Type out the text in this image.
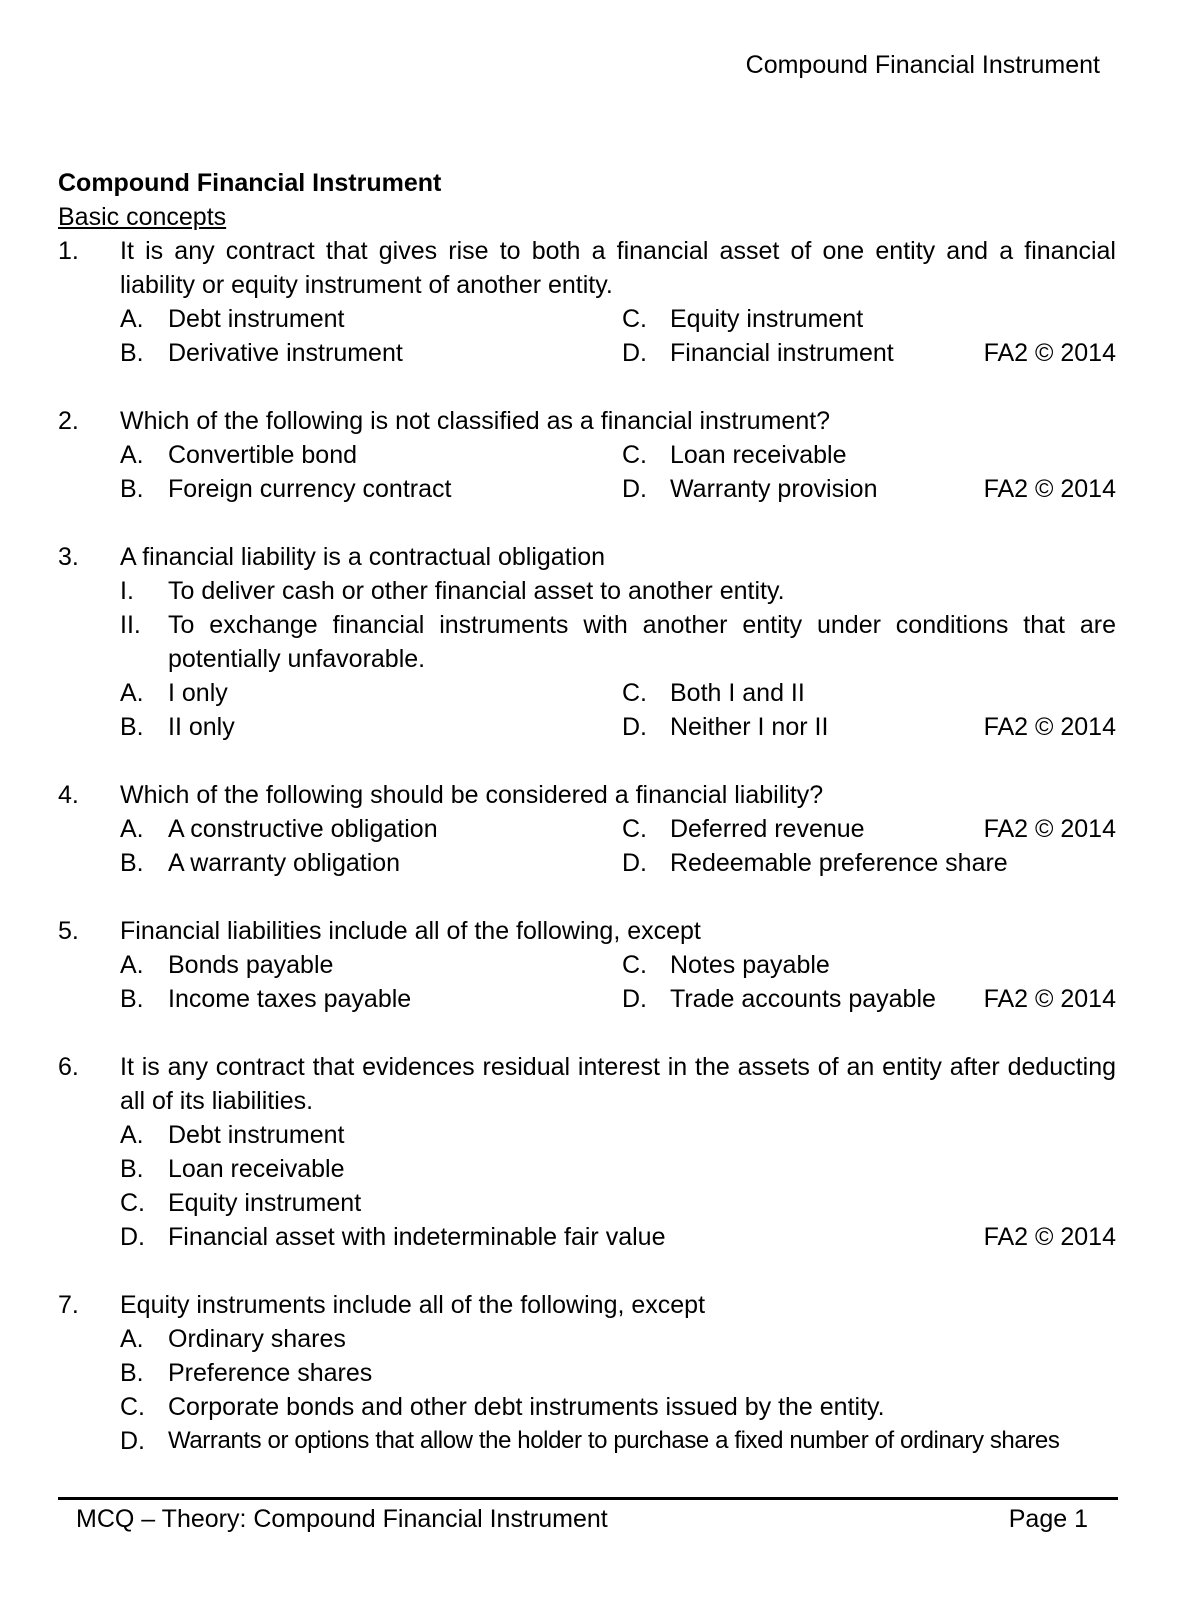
Compound Financial Instrument
Compound Financial Instrument
Basic concepts
1.	It is any contract that gives rise to both a financial asset of one entity and a financial liability or equity instrument of another entity.
A. Debt instrument	C. Equity instrument
B. Derivative instrument	D. Financial instrument	FA2 © 2014
2.	Which of the following is not classified as a financial instrument?
A. Convertible bond	C. Loan receivable
B. Foreign currency contract	D. Warranty provision	FA2 © 2014
3.	A financial liability is a contractual obligation
I.	To deliver cash or other financial asset to another entity.
II.	To exchange financial instruments with another entity under conditions that are potentially unfavorable.
A. I only	C. Both I and II
B. II only	D. Neither I nor II	FA2 © 2014
4.	Which of the following should be considered a financial liability?
A. A constructive obligation	C. Deferred revenue	FA2 © 2014
B. A warranty obligation	D. Redeemable preference share
5.	Financial liabilities include all of the following, except
A. Bonds payable	C. Notes payable
B. Income taxes payable	D. Trade accounts payable	FA2 © 2014
6.	It is any contract that evidences residual interest in the assets of an entity after deducting all of its liabilities.
A. Debt instrument
B. Loan receivable
C. Equity instrument
D. Financial asset with indeterminable fair value	FA2 © 2014
7.	Equity instruments include all of the following, except
A. Ordinary shares
B. Preference shares
C. Corporate bonds and other debt instruments issued by the entity.
D. Warrants or options that allow the holder to purchase a fixed number of ordinary shares
MCQ – Theory: Compound Financial Instrument	Page 1
